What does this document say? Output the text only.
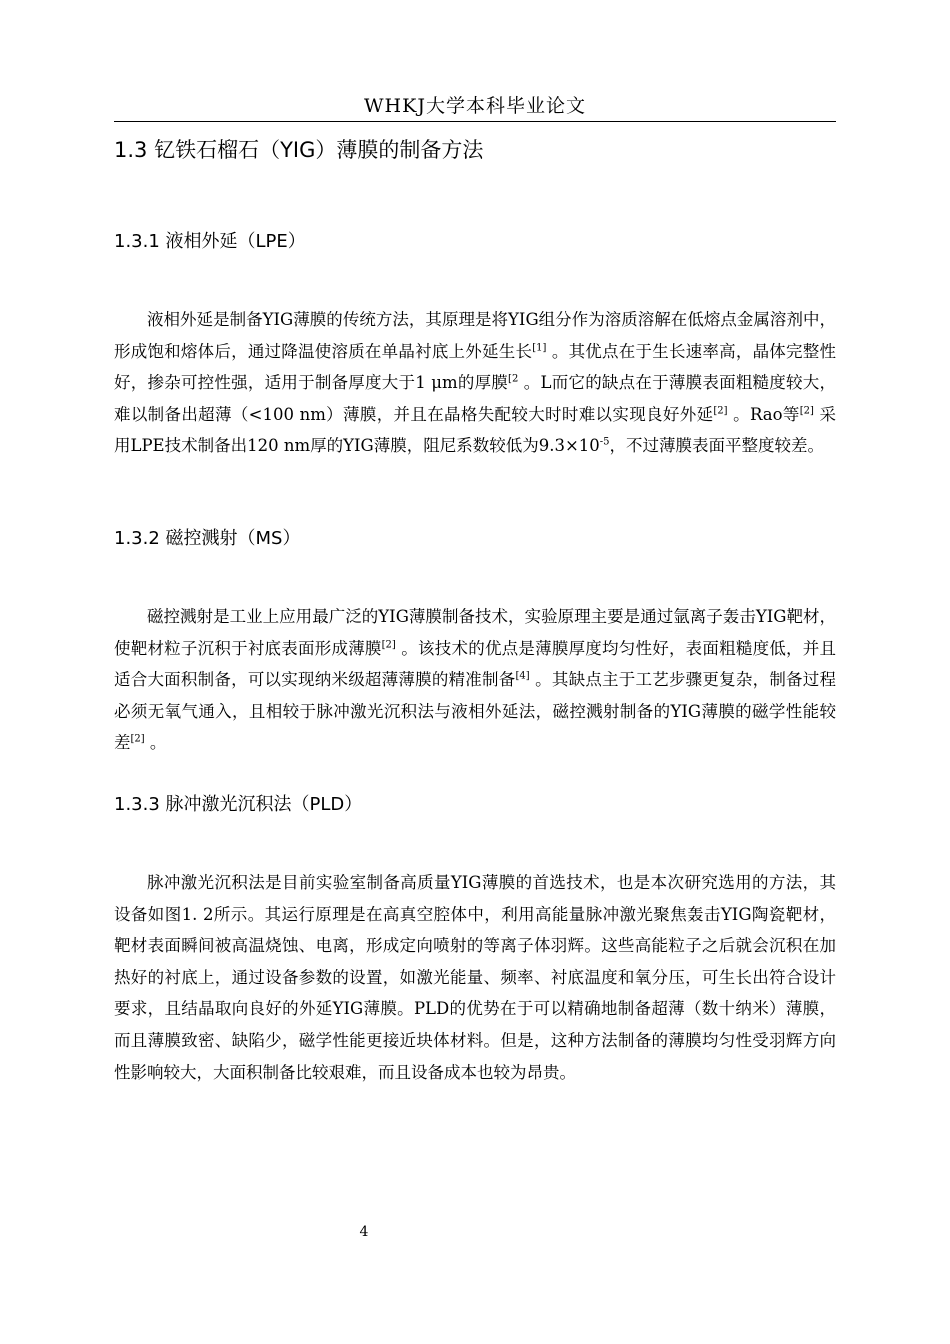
WHKJ大学本科毕业论文
1.3 钇铁石榴石（YIG）薄膜的制备方法
1.3.1 液相外延（LPE）

液相外延是制备YIG薄膜的传统方法，其原理是将YIG组分作为溶质溶解在低熔点金属溶剂中，形成饱和熔体后，通过降温使溶质在单晶衬底上外延生长[1] 。其优点在于生长速率高，晶体完整性好，掺杂可控性强，适用于制备厚度大于1 μm的厚膜$^{[2}$ 。L而它的缺点在于薄膜表面粗糙度较大，难以制备出超薄（<100 nm）薄膜，并且在晶格失配较大时时难以实现良好外延[2] 。Rao等[2] 采用LPE技术制备出120 nm厚的YIG薄膜，阻尼系数较低为$9.3\times 10^{-5}$，不过薄膜表面平整度较差。

1.3.2 磁控溅射（MS）

磁控溅射是工业上应用最广泛的YIG薄膜制备技术，实验原理主要是通过氩离子轰击YIG靶材，使靶材粒子沉积于衬底表面形成薄膜[2] 。该技术的优点是薄膜厚度均匀性好，表面粗糙度低，并且适合大面积制备，可以实现纳米级超薄薄膜的精准制备[4] 。其缺点主于工艺步骤更复杂，制备过程必须无氧气通入，且相较于脉冲激光沉积法与液相外延法，磁控溅射制备的YIG薄膜的磁学性能较差[2] 。

1.3.3 脉冲激光沉积法（PLD）

脉冲激光沉积法是目前实验室制备高质量YIG薄膜的首选技术，也是本次研究选用的方法，其设备如图1. 2所示。其运行原理是在高真空腔体中，利用高能量脉冲激光聚焦轰击YIG陶瓷靶材，靶材表面瞬间被高温烧蚀、电离，形成定向喷射的等离子体羽辉。这些高能粒子之后就会沉积在加热好的衬底上，通过设备参数的设置，如激光能量、频率、衬底温度和氧分压，可生长出符合设计要求，且结晶取向良好的外延YIG薄膜。PLD的优势在于可以精确地制备超薄（数十纳米）薄膜，而且薄膜致密、缺陷少，磁学性能更接近块体材料。但是，这种方法制备的薄膜均匀性受羽辉方向性影响较大，大面积制备比较艰难，而且设备成本也较为昂贵。

4
